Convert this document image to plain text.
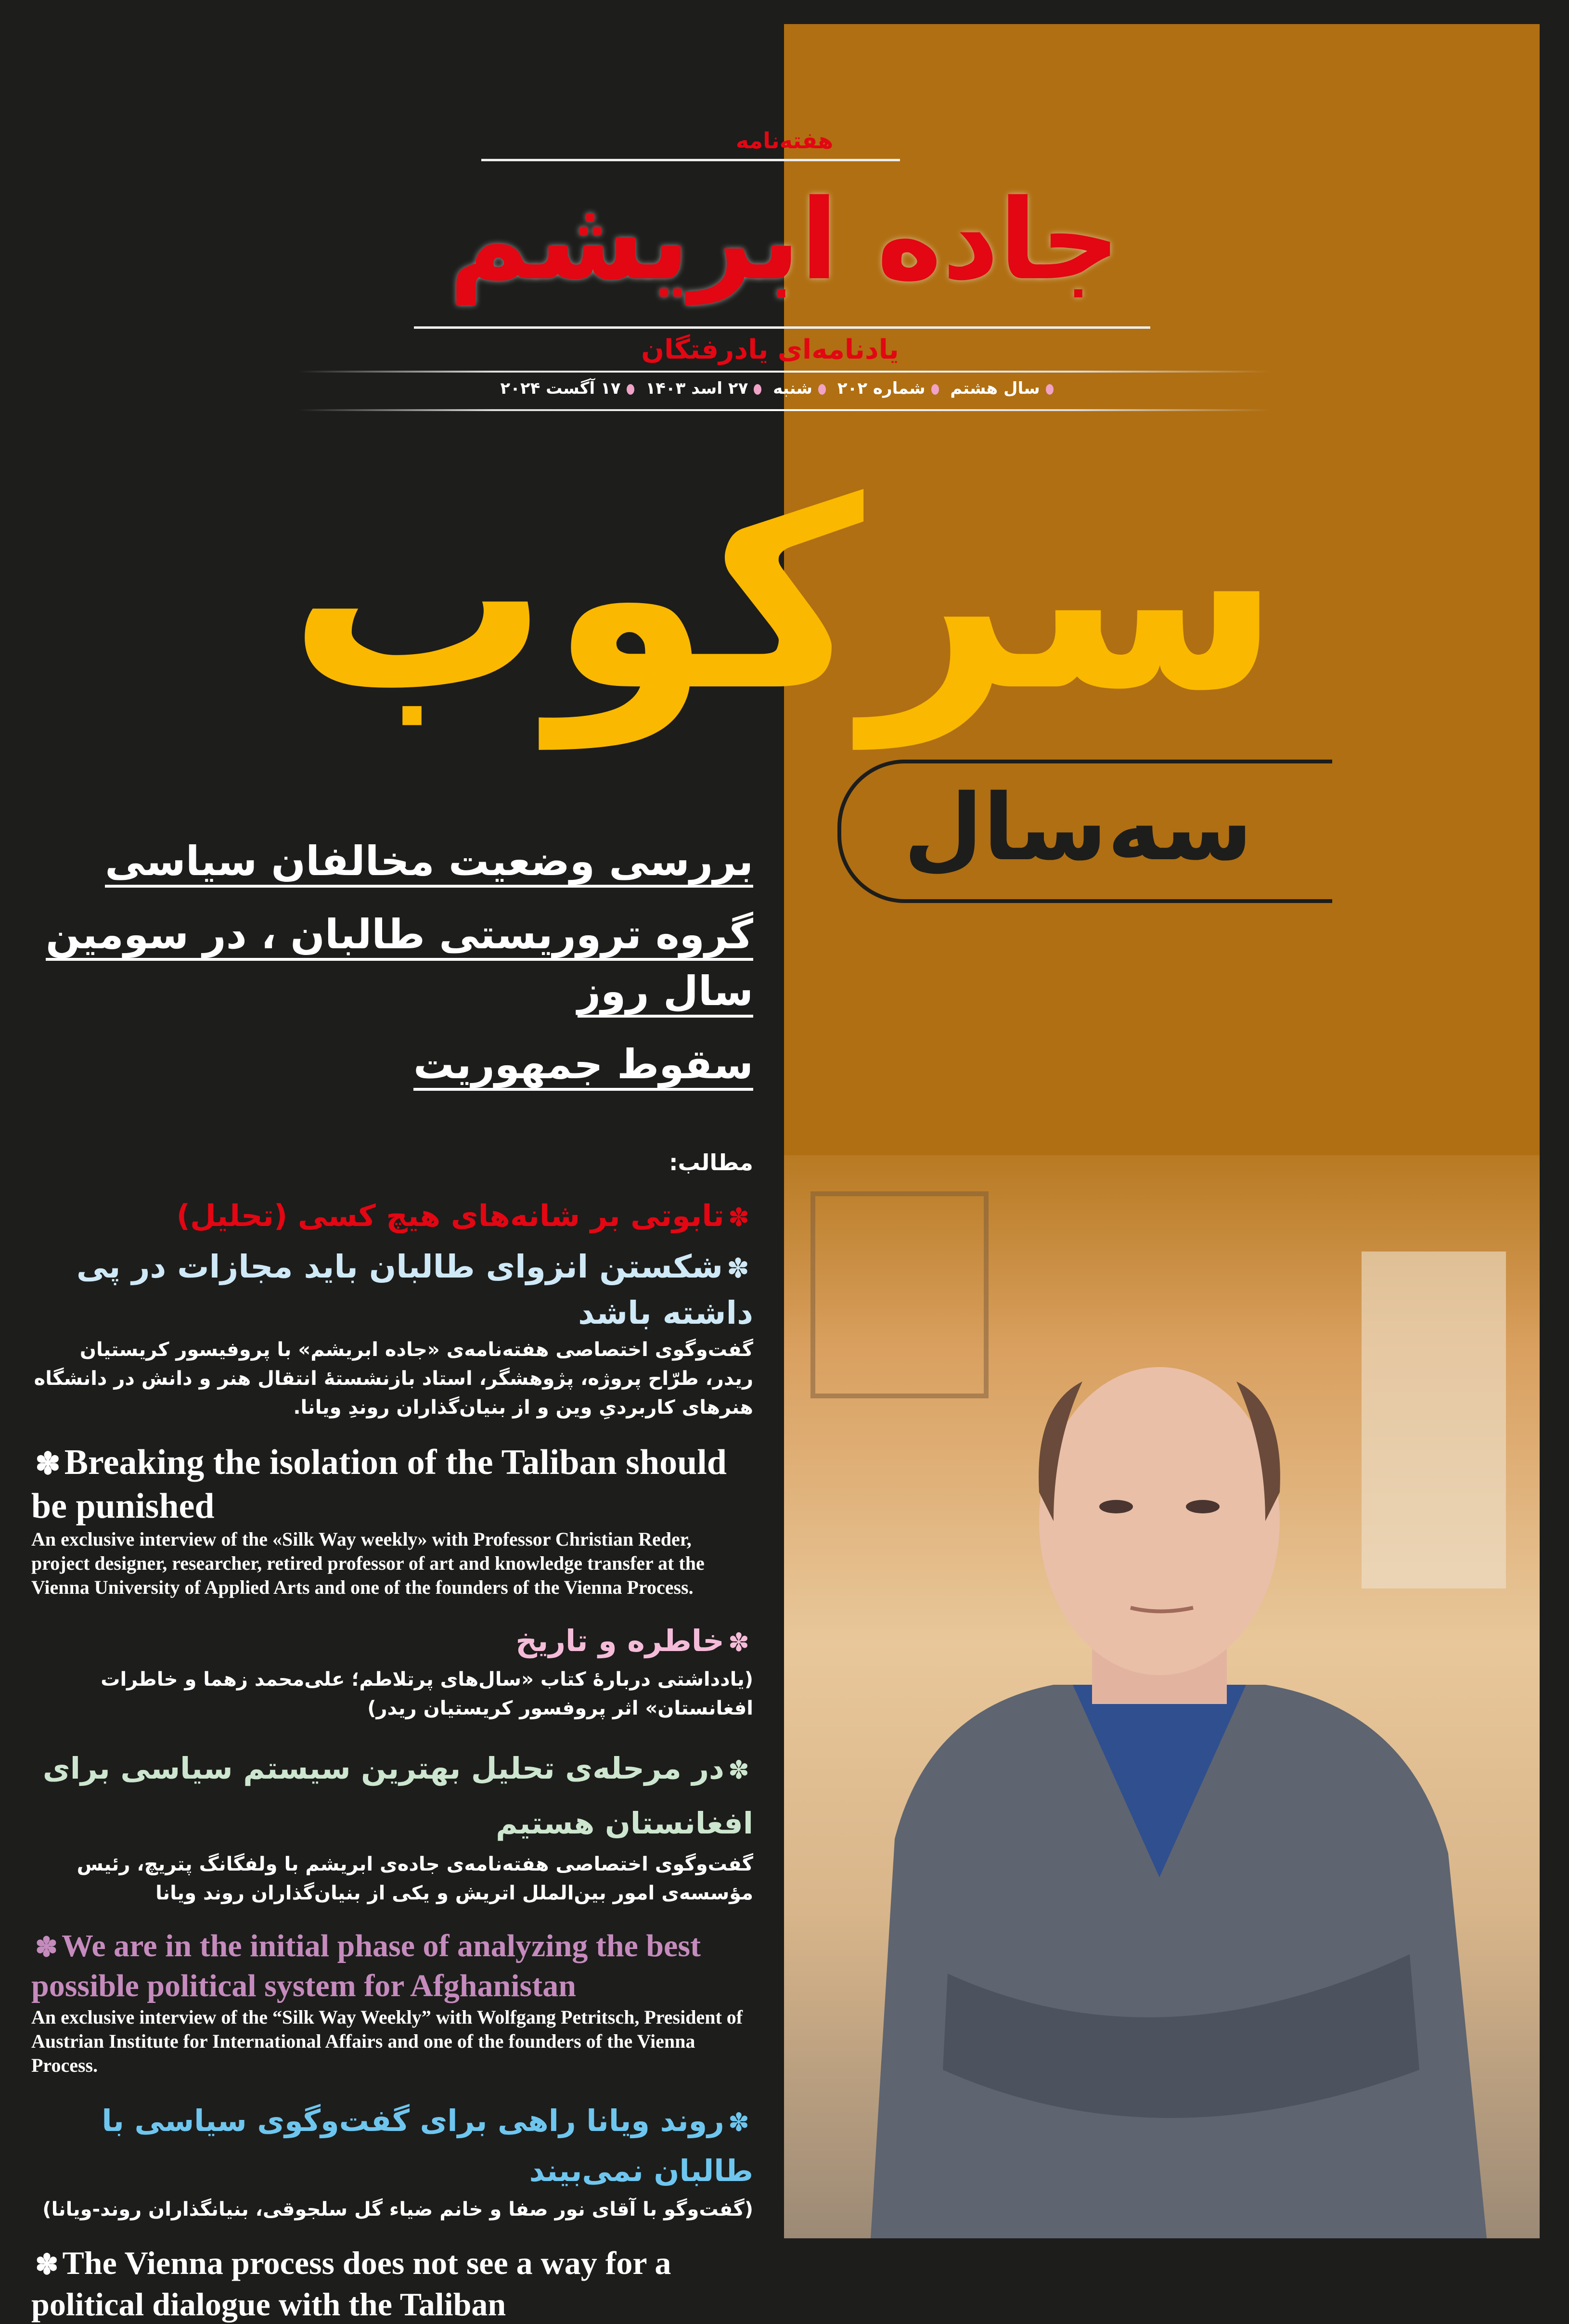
هفته‌نامه
جاده ابریشم
یادنامه‌ای یادرفتگان
سال هشتم شماره ۲۰۲ شنبه ۲۷ اسد ۱۴۰۳ ۱۷ آگست ۲۰۲۴
سرکوب
سه‌سال
بررسی وضعیت مخالفان سیاسی
گروه تروریستی طالبان ، در سومین سال روز
سقوط جمهوریت

مطالب:

✽تابوتی بر شانه‌های هیچ کسی (تحلیل)

✽شکستن انزوای طالبان باید مجازات در پی داشته باشد

گفت‌وگوی اختصاصی هفته‌نامه‌ی «جاده ابریشم» با پروفیسور کریستیان ریدر، طرّاح پروژه، پژوهشگر، استاد بازنشستهٔ انتقال هنر و دانش در دانشگاه هنرهای کاربردیِ وین و از بنیان‌گذاران روندِ ویانا.

✽ Breaking the isolation of the Taliban should be punished

An exclusive interview of the «Silk Way weekly» with Professor Christian Reder, project designer, researcher, retired professor of art and knowledge transfer at the Vienna University of Applied Arts and one of the founders of the Vienna Process.

✽خاطره و تاریخ

(یادداشتی دربارهٔ کتاب «سال‌های پرتلاطم؛ علی‌محمد زهما و خاطرات افغانستان» اثر پروفسور کریستیان ریدر)

✽در مرحله‌ی تحلیل بهترین سیستم سیاسی برای افغانستان هستیم

گفت‌وگوی اختصاصی هفته‌نامه‌ی جاده‌ی ابریشم با ولفگانگ پتریچ، رئیس مؤسسه‌ی امور بین‌الملل اتریش و یکی از بنیان‌گذاران روند ویانا

✽ We are in the initial phase of analyzing the best possible political system for Afghanistan

An exclusive interview of the “Silk Way Weekly” with Wolfgang Petritsch, President of Austrian Institute for International Affairs and one of the founders of the Vienna Process.

✽روند ویانا راهی برای گفت‌وگوی سیاسی با طالبان نمی‌بیند

(گفت‌وگو با آقای نور صفا و خانم ضیاء گل سلجوقی، بنیانگذاران روند-ویانا)

✽ The Vienna process does not see a way for a political dialogue with the Taliban
